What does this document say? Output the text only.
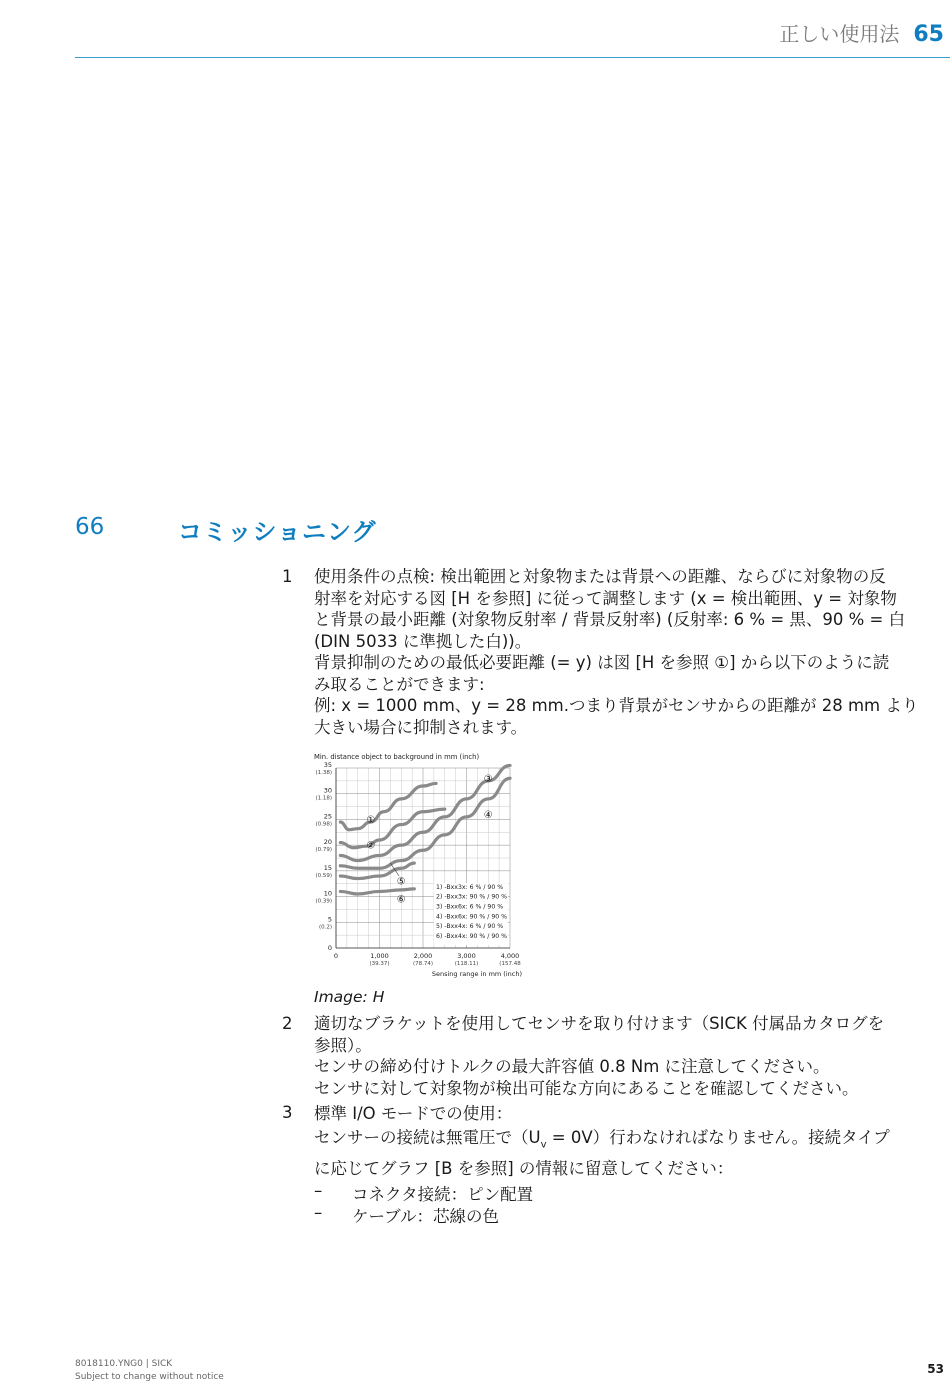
正しい使用法 65
66	コミッショニング
1 使用条件の点検: 検出範囲と対象物または背景への距離、ならびに対象物の反

射率を対応する図 [H を参照] に従って調整します (x = 検出範囲、y = 対象物

と背景の最小距離 (対象物反射率 / 背景反射率) (反射率: 6 % = 黒、90 % = 白

(DIN 5033 に準拠した白))。

背景抑制のための最低必要距離 (= y) は図 [H を参照 ①] から以下のように読

み取ることができます:

例: x = 1000 mm、y = 28 mm.つまり背景がセンサからの距離が 28 mm より

大きい場合に抑制されます。

Min. distance object to background in mm (inch)
35
(1.38)
30
(1.18)
25
(0.98)
20
(0.79)
15
(0.59)
10
(0.39)
5
(0.2)
0
0	1,000
(39.37)
2,000
(78.74)
3,000
(118.11)
4,000
(157.48
①
②
③
④
⑤
⑥
1) -Bxx3x: 6 % / 90 %
2) -Bxx3x: 90 % / 90 %
3) -Bxx6x: 6 % / 90 %
4) -Bxx6x: 90 % / 90 %
5) -Bxx4x: 6 % / 90 %
6) -Bxx4x: 90 % / 90 %
Sensing range in mm (inch)
Image: H
2 適切なブラケットを使用してセンサを取り付けます（SICK 付属品カタログを

参照）。

センサの締め付けトルクの最大許容値 0.8 Nm に注意してください。

センサに対して対象物が検出可能な方向にあることを確認してください。

3 標準 I/O モードでの使用：

センサーの接続は無電圧で$(U_v = 0V)$行わなければなりません。接続タイプ

に応じてグラフ [B を参照] の情報に留意してください：

– コネクタ接続：ピン配置
– ケーブル：芯線の色
8018110.YNG0 | SICK
Subject to change without notice
53
